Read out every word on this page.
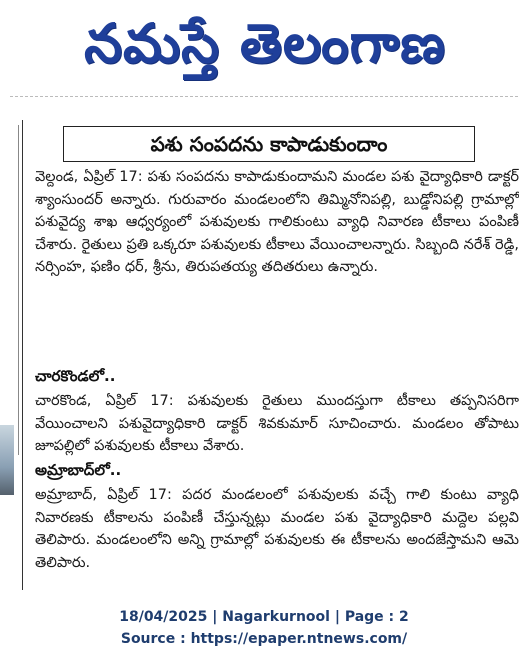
నమస్తే తెలంగాణ
పశు సంపదను కాపాడుకుందాం
వెల్దండ, ఏప్రిల్ 17: పశు సంపదను కాపాడుకుందామని మండల పశు వైద్యాధికారి డాక్టర్ శ్యాంసుందర్ అన్నారు. గురువారం మండలంలోని తిమ్మినోనిపల్లి, బుడ్డోనిపల్లి గ్రామాల్లో పశువైద్య శాఖ ఆధ్వర్యంలో పశువులకు గాలికుంటు వ్యాధి నివారణ టీకాలు పంపిణీ చేశారు. రైతులు ప్రతి ఒక్కరూ పశువులకు టీకాలు వేయించాలన్నారు. సిబ్బంది నరేశ్ రెడ్డి, నర్సింహ, ఫణిం ధర్, శ్రీను, తిరుపతయ్య తదితరులు ఉన్నారు.
చారకొండలో..
చారకొండ, ఏప్రిల్ 17: పశువులకు రైతులు ముందస్తుగా టీకాలు తప్పనిసరిగా వేయించాలని పశువైద్యాధికారి డాక్టర్ శివకుమార్ సూచించారు. మండలం తోపాటు జూపల్లిలో పశువులకు టీకాలు వేశారు.
అమ్రాబాద్‌లో..
అమ్రాబాద్, ఏప్రిల్ 17: పదర మండలంలో పశువులకు వచ్చే గాలి కుంటు వ్యాధి నివారణకు టీకాలను పంపిణీ చేస్తున్నట్లు మండల పశు వైద్యాధికారి మద్దెల పల్లవి తెలిపారు. మండలంలోని అన్ని గ్రామాల్లో పశువులకు ఈ టీకాలను అందజేస్తామని ఆమె తెలిపారు.
18/04/2025 | Nagarkurnool | Page : 2
Source : https://epaper.ntnews.com/
